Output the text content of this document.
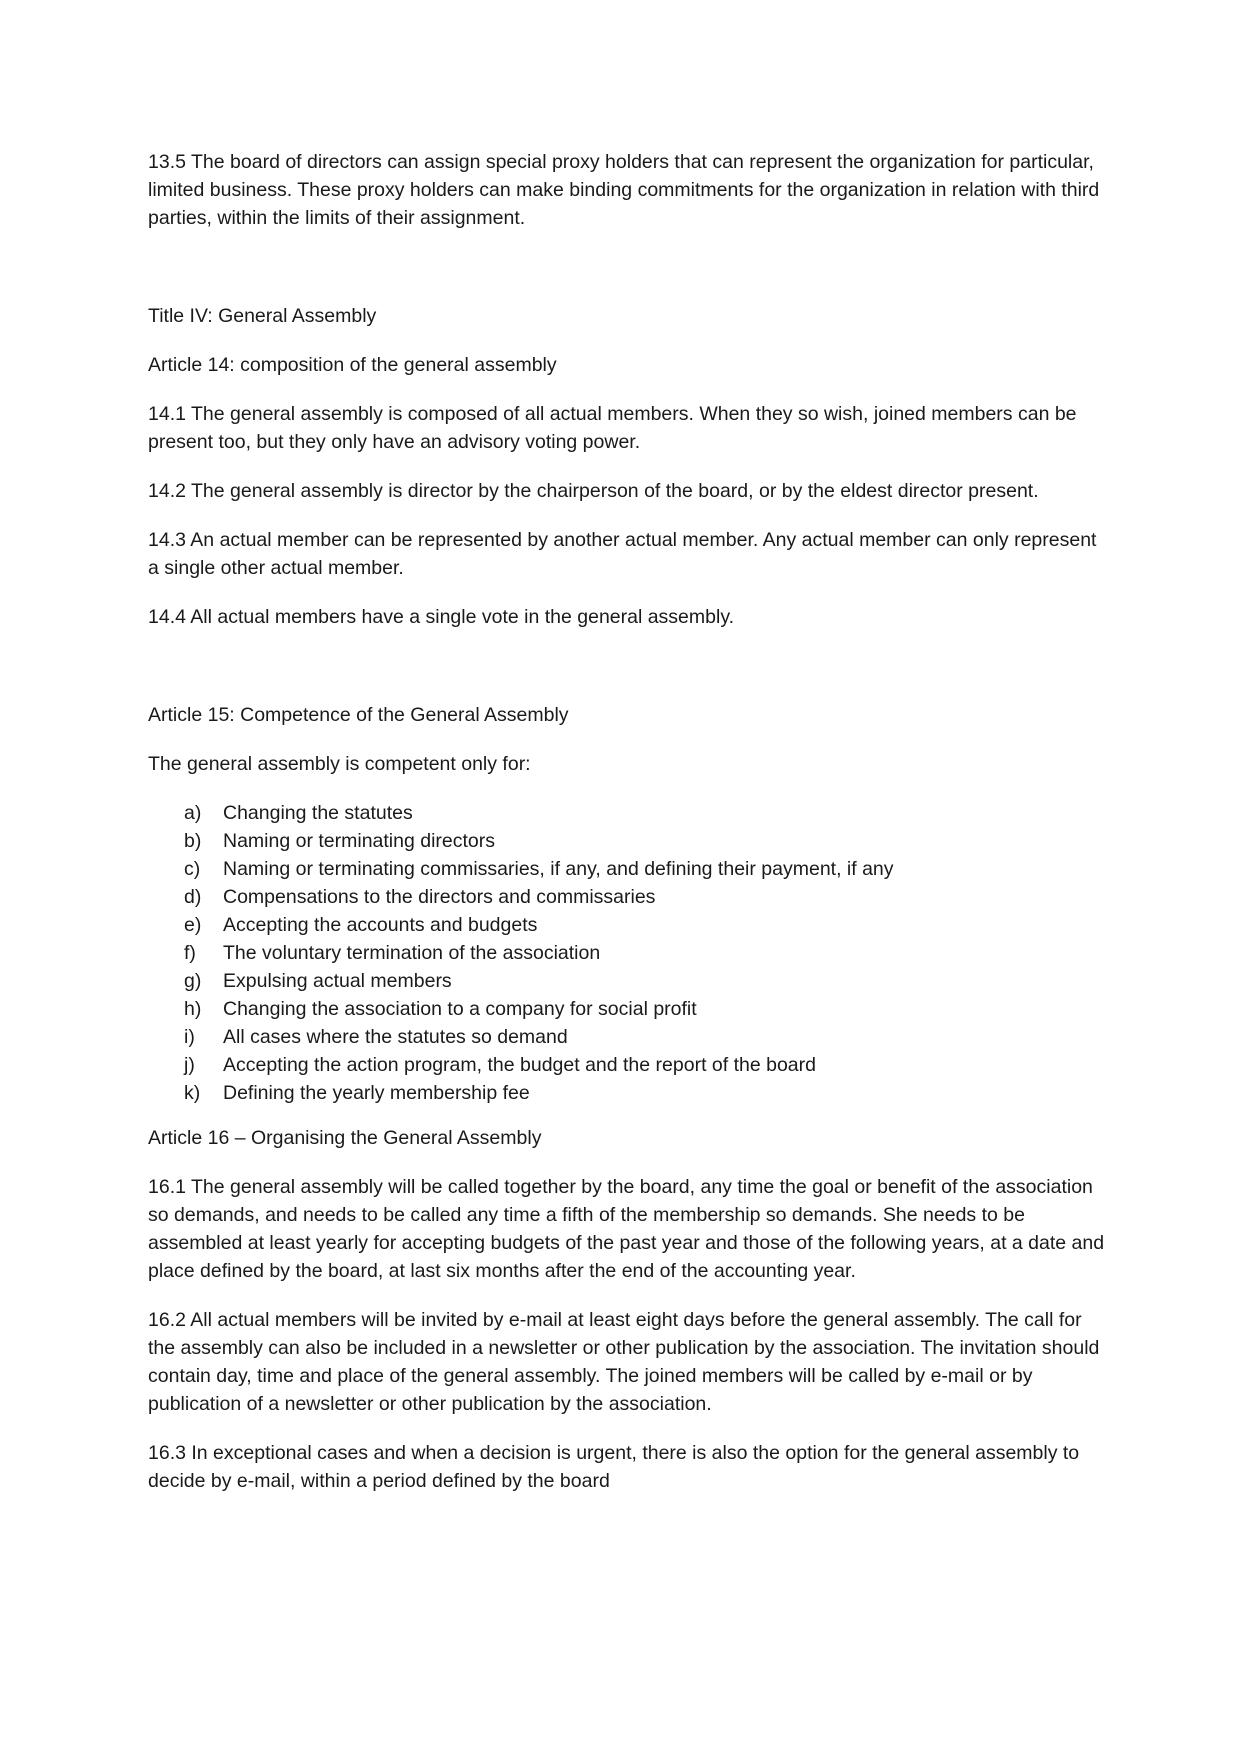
13.5 The board of directors can assign special proxy holders that can represent the organization for particular, limited business. These proxy holders can make binding commitments for the organization in relation with third parties, within the limits of their assignment.

Title IV: General Assembly

Article 14: composition of the general assembly

14.1 The general assembly is composed of all actual members. When they so wish, joined members can be present too, but they only have an advisory voting power.

14.2 The general assembly is director by the chairperson of the board, or by the eldest director present.

14.3 An actual member can be represented by another actual member. Any actual member can only represent a single other actual member.

14.4 All actual members have a single vote in the general assembly.

Article 15: Competence of the General Assembly

The general assembly is competent only for:

a) Changing the statutes
b) Naming or terminating directors
c) Naming or terminating commissaries, if any, and defining their payment, if any
d) Compensations to the directors and commissaries
e) Accepting the accounts and budgets
f) The voluntary termination of the association
g) Expulsing actual members
h) Changing the association to a company for social profit
i) All cases where the statutes so demand
j) Accepting the action program, the budget and the report of the board
k) Defining the yearly membership fee

Article 16 – Organising the General Assembly

16.1 The general assembly will be called together by the board, any time the goal or benefit of the association so demands, and needs to be called any time a fifth of the membership so demands. She needs to be assembled at least yearly for accepting budgets of the past year and those of the following years, at a date and place defined by the board, at last six months after the end of the accounting year.

16.2 All actual members will be invited by e-mail at least eight days before the general assembly. The call for the assembly can also be included in a newsletter or other publication by the association. The invitation should contain day, time and place of the general assembly. The joined members will be called by e-mail or by publication of a newsletter or other publication by the association.

16.3 In exceptional cases and when a decision is urgent, there is also the option for the general assembly to decide by e-mail, within a period defined by the board
